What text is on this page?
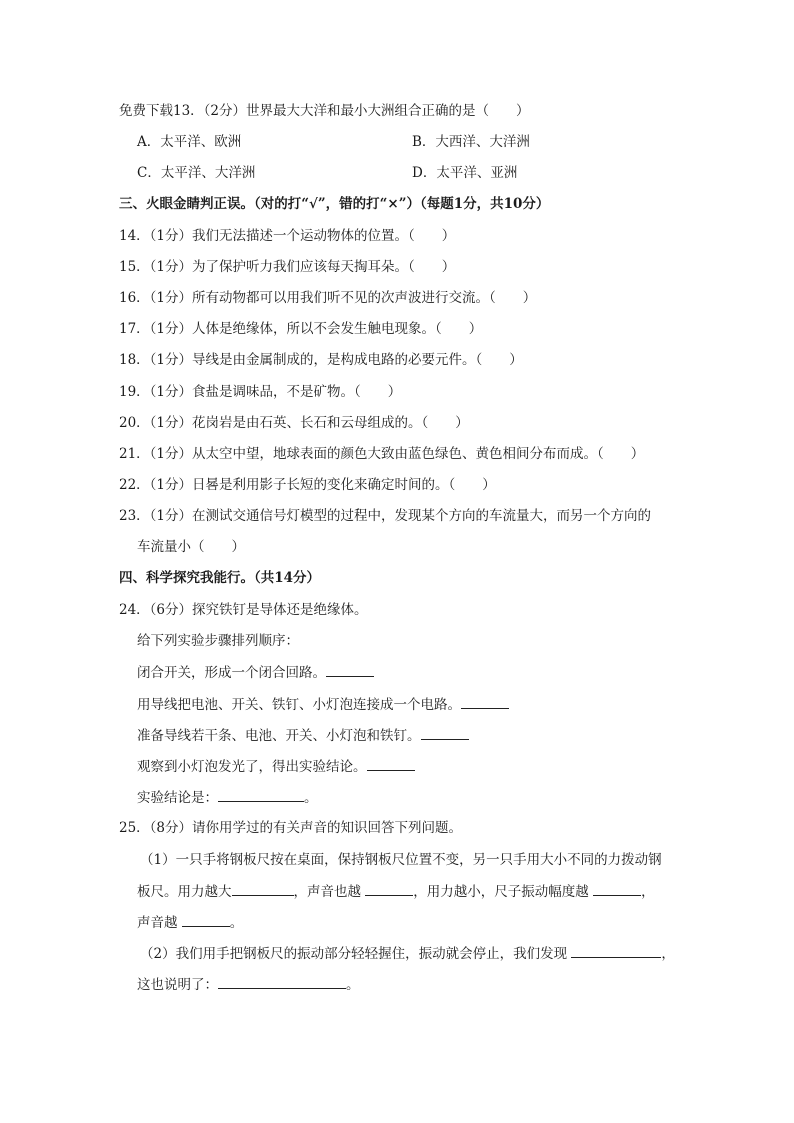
免费下载13．（2分）世界最大大洋和最小大洲组合正确的是（　　）
A．太平洋、欧洲	B．大西洋、大洋洲
C．太平洋、大洋洲	D．太平洋、亚洲
三、火眼金睛判正误。（对的打“√”，错的打“×”）（每题1分，共10分）
14．（1分）我们无法描述一个运动物体的位置。（　　）
15．（1分）为了保护听力我们应该每天掏耳朵。（　　）
16．（1分）所有动物都可以用我们听不见的次声波进行交流。（　　）
17．（1分）人体是绝缘体，所以不会发生触电现象。（　　）
18．（1分）导线是由金属制成的，是构成电路的必要元件。（　　）
19．（1分）食盐是调味品，不是矿物。（　　）
20．（1分）花岗岩是由石英、长石和云母组成的。（　　）
21．（1分）从太空中望，地球表面的颜色大致由蓝色绿色、黄色相间分布而成。（　　）
22．（1分）日晷是利用影子长短的变化来确定时间的。（　　）
23．（1分）在测试交通信号灯模型的过程中，发现某个方向的车流量大，而另一个方向的
车流量小（　　）
四、科学探究我能行。（共14分）
24．（6分）探究铁钉是导体还是绝缘体。
给下列实验步骤排列顺序：
闭合开关，形成一个闭合回路。
用导线把电池、开关、铁钉、小灯泡连接成一个电路。
准备导线若干条、电池、开关、小灯泡和铁钉。
观察到小灯泡发光了，得出实验结论。
实验结论是：	。
25．（8分）请你用学过的有关声音的知识回答下列问题。
（1）一只手将钢板尺按在桌面，保持钢板尺位置不变，另一只手用大小不同的力拨动钢
板尺。用力越大	，声音也越	，用力越小，尺子振动幅度越	，
声音越	。
（2）我们用手把钢板尺的振动部分轻轻握住，振动就会停止，我们发现	，
这也说明了：	。
